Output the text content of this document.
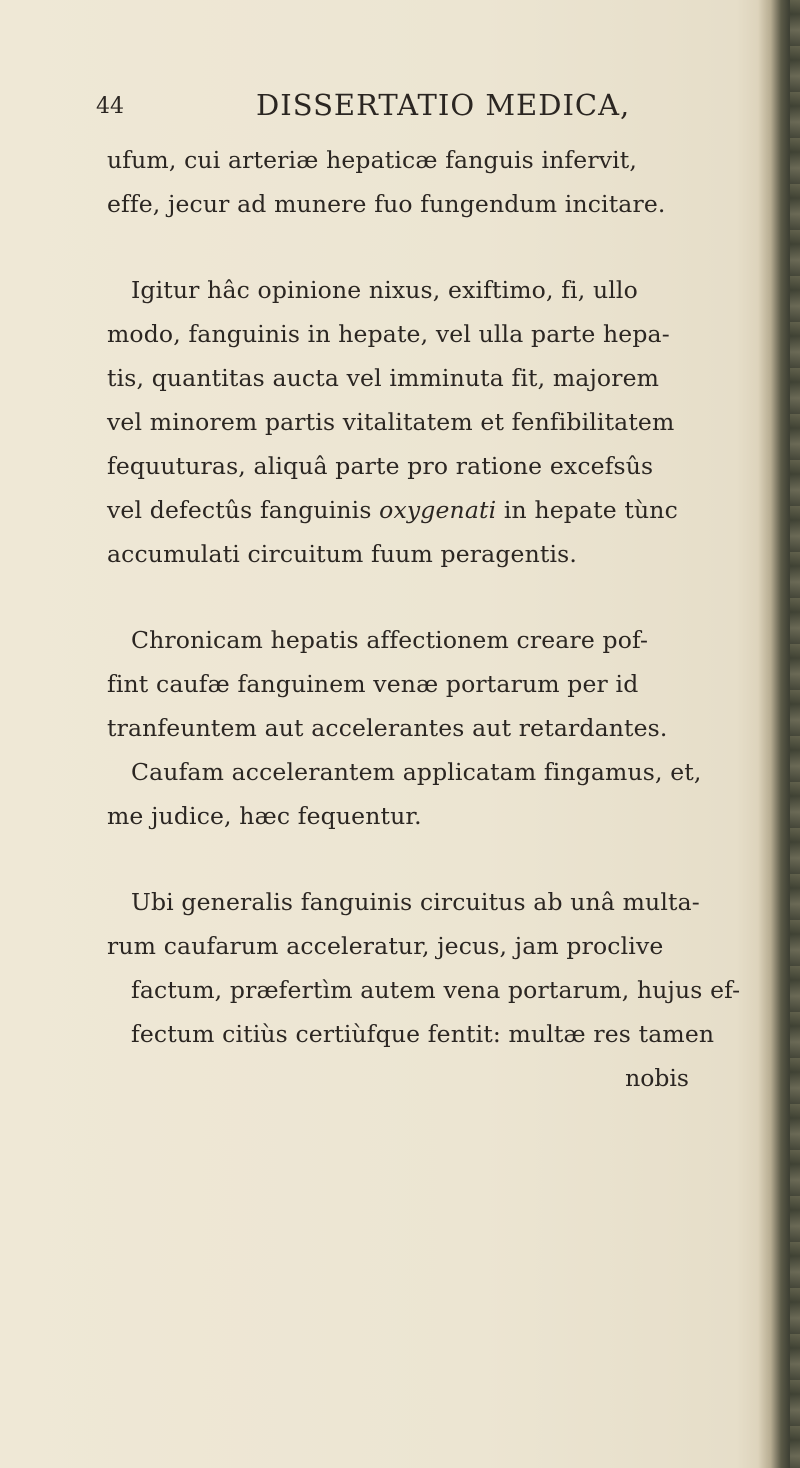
44	DISSERTATIO MEDICA,
ufum, cui arteriæ hepaticæ fanguis infervit,
effe, jecur ad munere fuo fungendum incitare.
Igitur hâc opinione nixus, exiftimo, fi, ullo
modo, fanguinis in hepate, vel ulla parte hepa-
tis, quantitas aucta vel imminuta fit, majorem
vel minorem partis vitalitatem et fenfibilitatem
fequuturas, aliquâ parte pro ratione excefsûs
vel defectûs fanguinis oxygenati in hepate tùnc
accumulati circuitum fuum peragentis.
Chronicam hepatis affectionem creare pof-
fint caufæ fanguinem venæ portarum per id
tranfeuntem aut accelerantes aut retardantes.
Caufam accelerantem applicatam fingamus, et,
me judice, hæc fequentur.
Ubi generalis fanguinis circuitus ab unâ multa-
rum caufarum acceleratur, jecus, jam proclive
factum, præfertìm autem vena portarum, hujus ef-
fectum citiùs certiùfque fentit: multæ res tamen
nobis
